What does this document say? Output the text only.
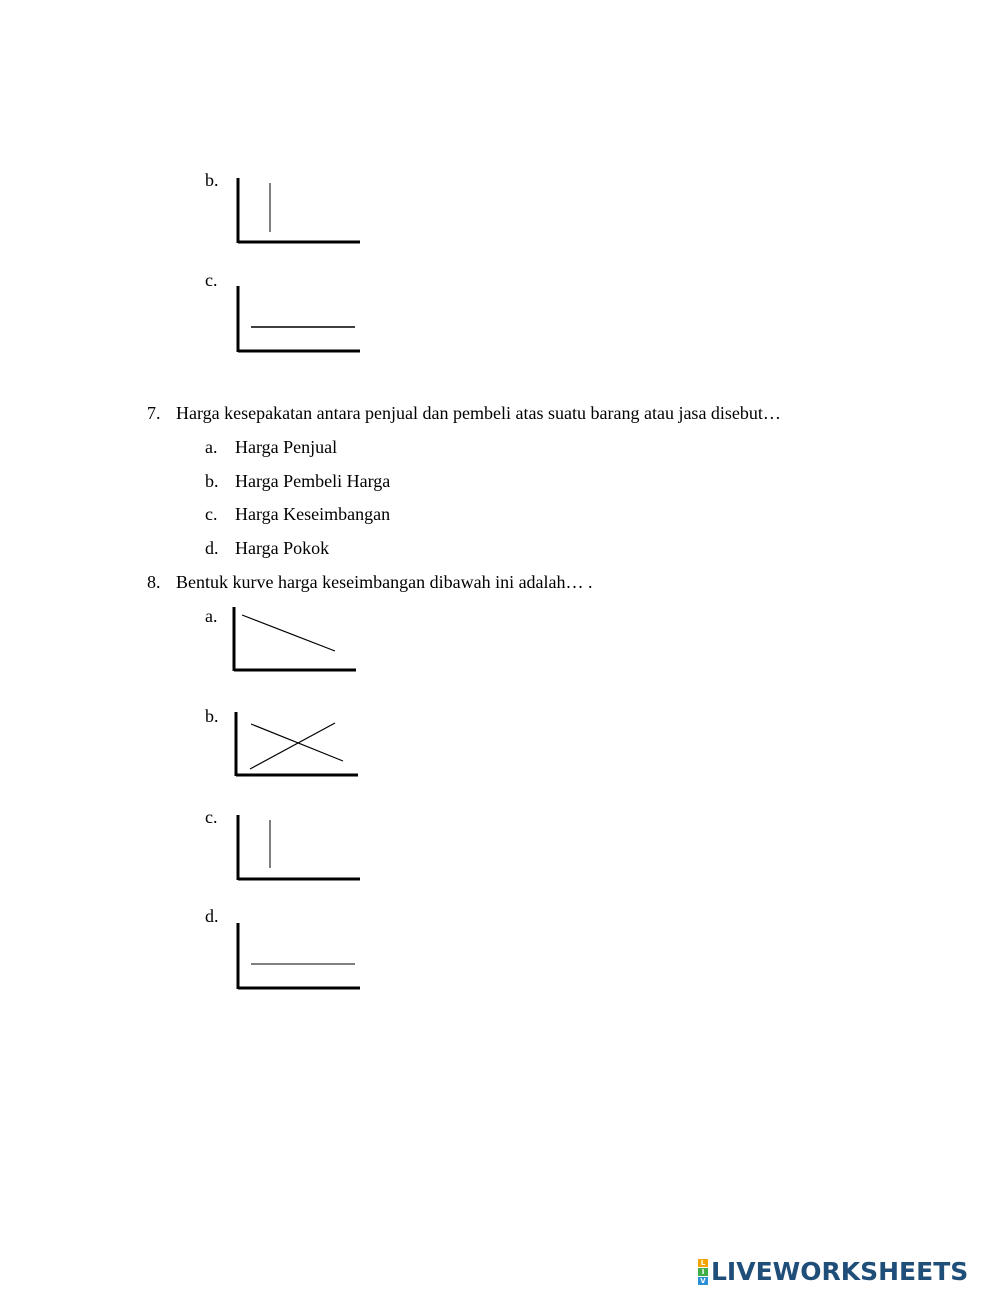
b.
c.
7. Harga kesepakatan antara penjual dan pembeli atas suatu barang atau jasa disebut…
a. Harga Penjual
b. Harga Pembeli Harga
c. Harga Keseimbangan
d. Harga Pokok
8. Bentuk kurve harga keseimbangan dibawah ini adalah… .
a.
b.
c.
d.
L
I
V LIVEWORKSHEETS
